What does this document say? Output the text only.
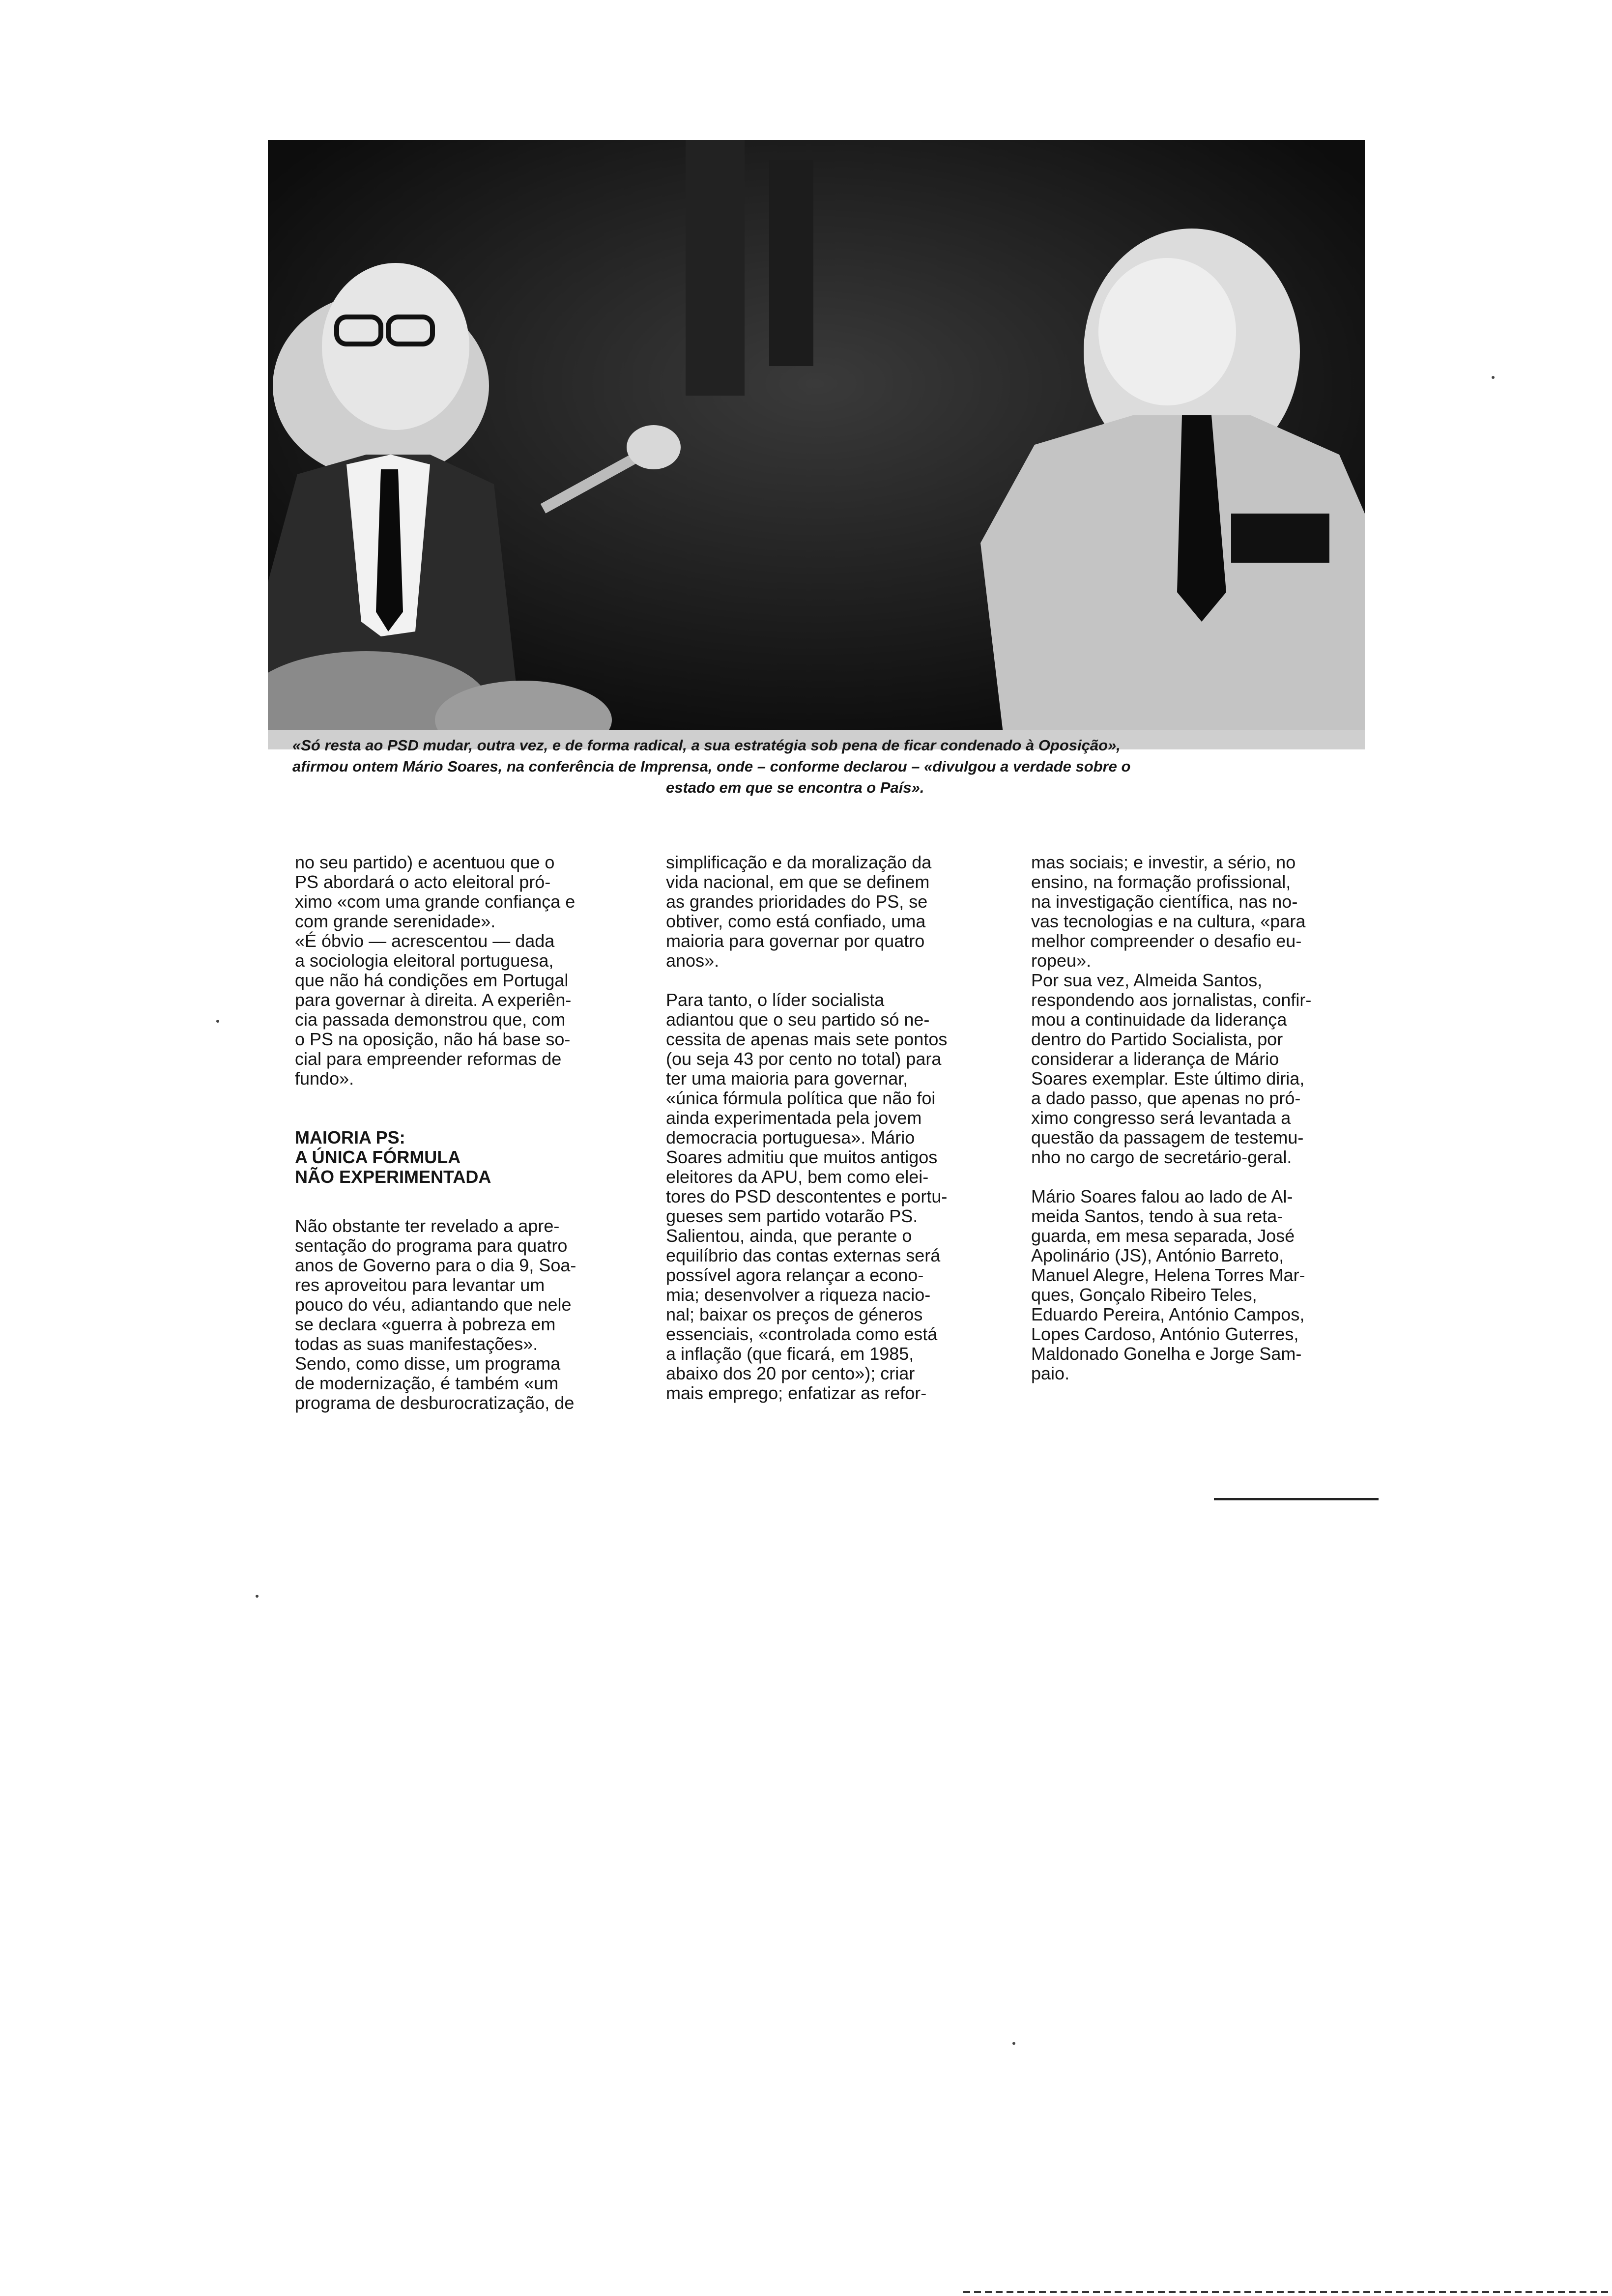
«Só resta ao PSD mudar, outra vez, e de forma radical, a sua estratégia sob pena de ficar condenado à Oposição»,

afirmou ontem Mário Soares, na conferência de Imprensa, onde – conforme declarou – «divulgou a verdade sobre o

estado em que se encontra o País».

no seu partido) e acentuou que o
PS abordará o acto eleitoral pró-
ximo «com uma grande confiança e
com grande serenidade».

«É óbvio — acrescentou — dada
a sociologia eleitoral portuguesa,
que não há condições em Portugal
para governar à direita. A experiên-
cia passada demonstrou que, com
o PS na oposição, não há base so-
cial para empreender reformas de
fundo».

MAIORIA PS:
A ÚNICA FÓRMULA
NÃO EXPERIMENTADA

Não obstante ter revelado a apre-
sentação do programa para quatro
anos de Governo para o dia 9, Soa-
res aproveitou para levantar um
pouco do véu, adiantando que nele
se declara «guerra à pobreza em
todas as suas manifestações».
Sendo, como disse, um programa
de modernização, é também «um
programa de desburocratização, de

simplificação e da moralização da
vida nacional, em que se definem
as grandes prioridades do PS, se
obtiver, como está confiado, uma
maioria para governar por quatro
anos».

Para tanto, o líder socialista
adiantou que o seu partido só ne-
cessita de apenas mais sete pontos
(ou seja 43 por cento no total) para
ter uma maioria para governar,
«única fórmula política que não foi
ainda experimentada pela jovem
democracia portuguesa». Mário
Soares admitiu que muitos antigos
eleitores da APU, bem como elei-
tores do PSD descontentes e portu-
gueses sem partido votarão PS.

Salientou, ainda, que perante o
equilíbrio das contas externas será
possível agora relançar a econo-
mia; desenvolver a riqueza nacio-
nal; baixar os preços de géneros
essenciais, «controlada como está
a inflação (que ficará, em 1985,
abaixo dos 20 por cento»); criar
mais emprego; enfatizar as refor-

mas sociais; e investir, a sério, no
ensino, na formação profissional,
na investigação científica, nas no-
vas tecnologias e na cultura, «para
melhor compreender o desafio eu-
ropeu».

Por sua vez, Almeida Santos,
respondendo aos jornalistas, confir-
mou a continuidade da liderança
dentro do Partido Socialista, por
considerar a liderança de Mário
Soares exemplar. Este último diria,
a dado passo, que apenas no pró-
ximo congresso será levantada a
questão da passagem de testemu-
nho no cargo de secretário-geral.

Mário Soares falou ao lado de Al-
meida Santos, tendo à sua reta-
guarda, em mesa separada, José
Apolinário (JS), António Barreto,
Manuel Alegre, Helena Torres Mar-
ques, Gonçalo Ribeiro Teles,
Eduardo Pereira, António Campos,
Lopes Cardoso, António Guterres,
Maldonado Gonelha e Jorge Sam-
paio.
